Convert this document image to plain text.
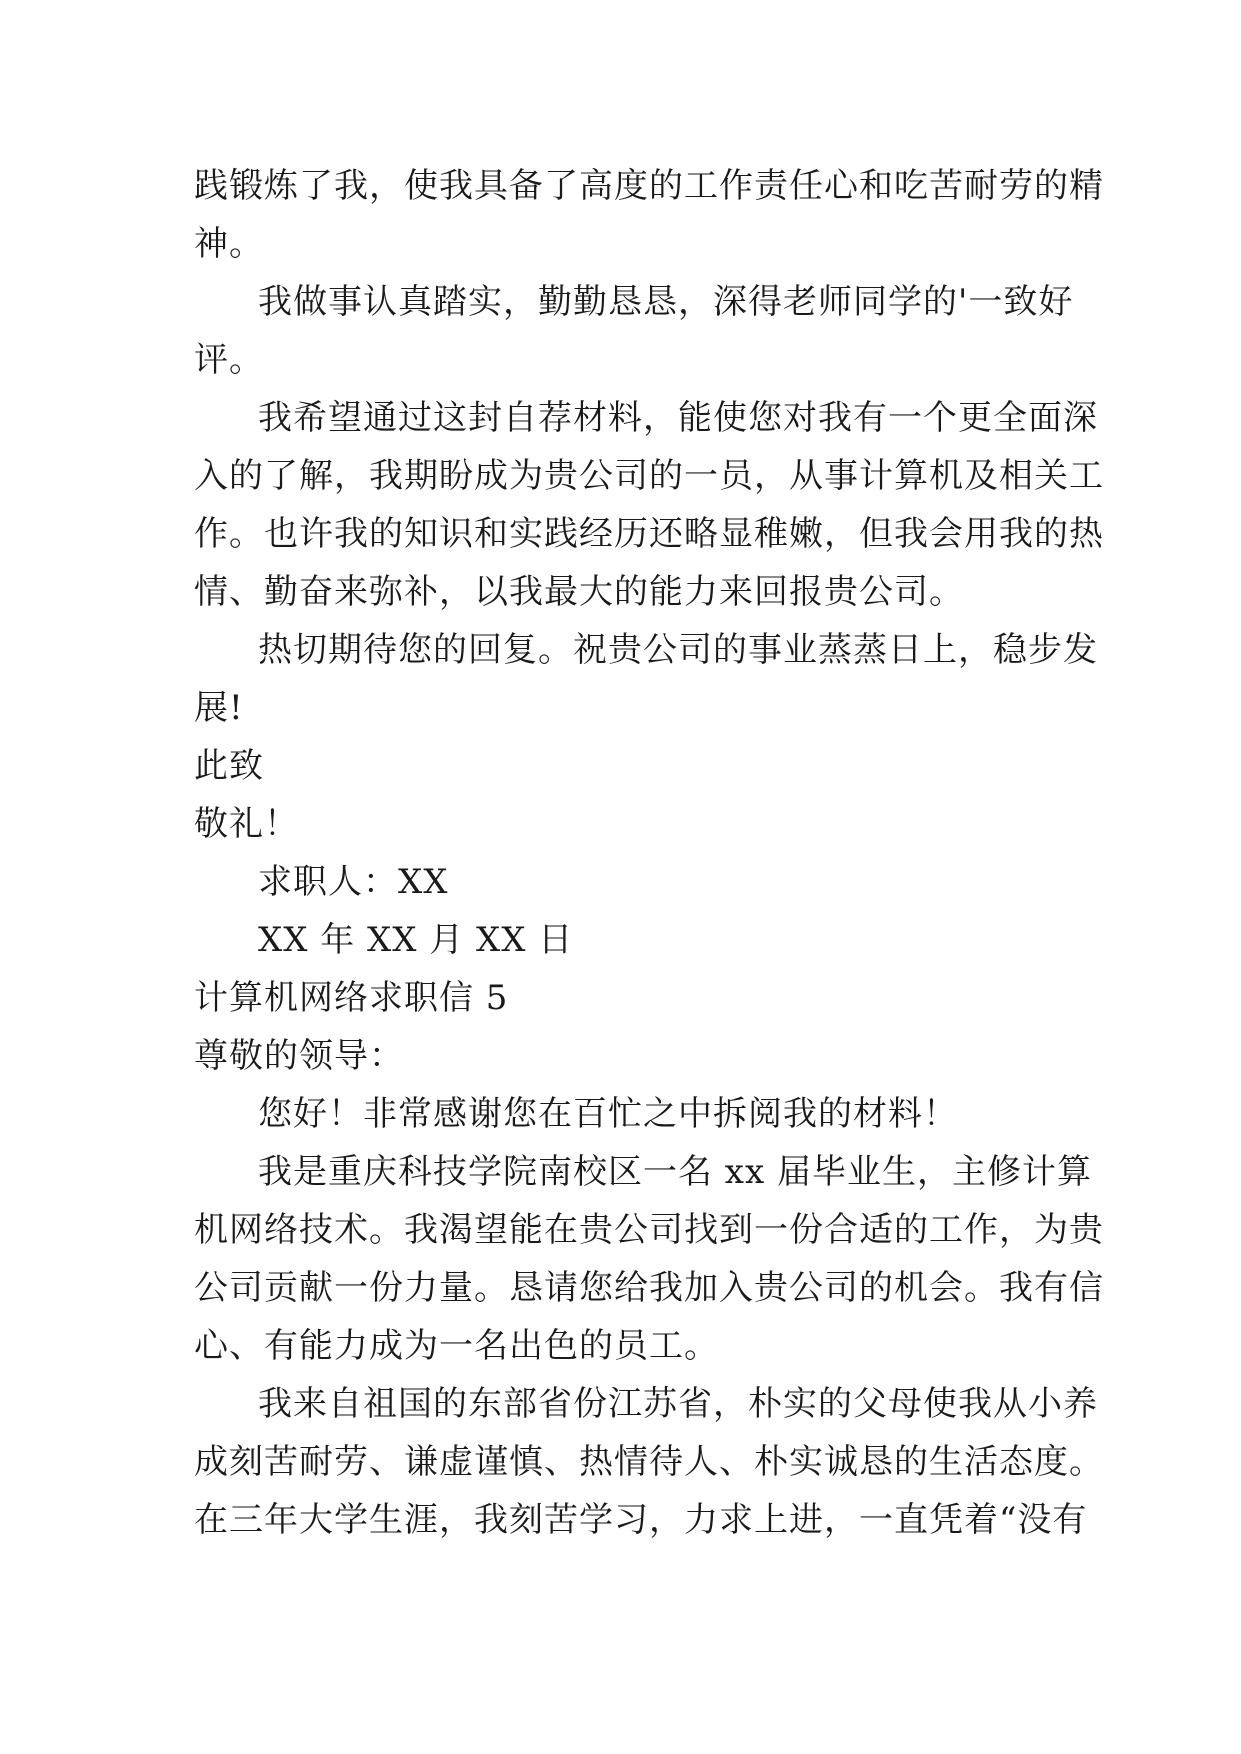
践锻炼了我，使我具备了高度的工作责任心和吃苦耐劳的精
神。
我做事认真踏实，勤勤恳恳，深得老师同学的'一致好
评。
我希望通过这封自荐材料，能使您对我有一个更全面深
入的了解，我期盼成为贵公司的一员，从事计算机及相关工
作。也许我的知识和实践经历还略显稚嫩，但我会用我的热
情、勤奋来弥补，以我最大的能力来回报贵公司。
热切期待您的回复。祝贵公司的事业蒸蒸日上，稳步发
展!
此致
敬礼！
求职人：XX
XX 年 XX 月 XX 日
计算机网络求职信 5
尊敬的领导：
您好！非常感谢您在百忙之中拆阅我的材料！
我是重庆科技学院南校区一名 xx 届毕业生，主修计算
机网络技术。我渴望能在贵公司找到一份合适的工作，为贵
公司贡献一份力量。恳请您给我加入贵公司的机会。我有信
心、有能力成为一名出色的员工。
我来自祖国的东部省份江苏省，朴实的父母使我从小养
成刻苦耐劳、谦虚谨慎、热情待人、朴实诚恳的生活态度。
在三年大学生涯，我刻苦学习，力求上进，一直凭着“没有
